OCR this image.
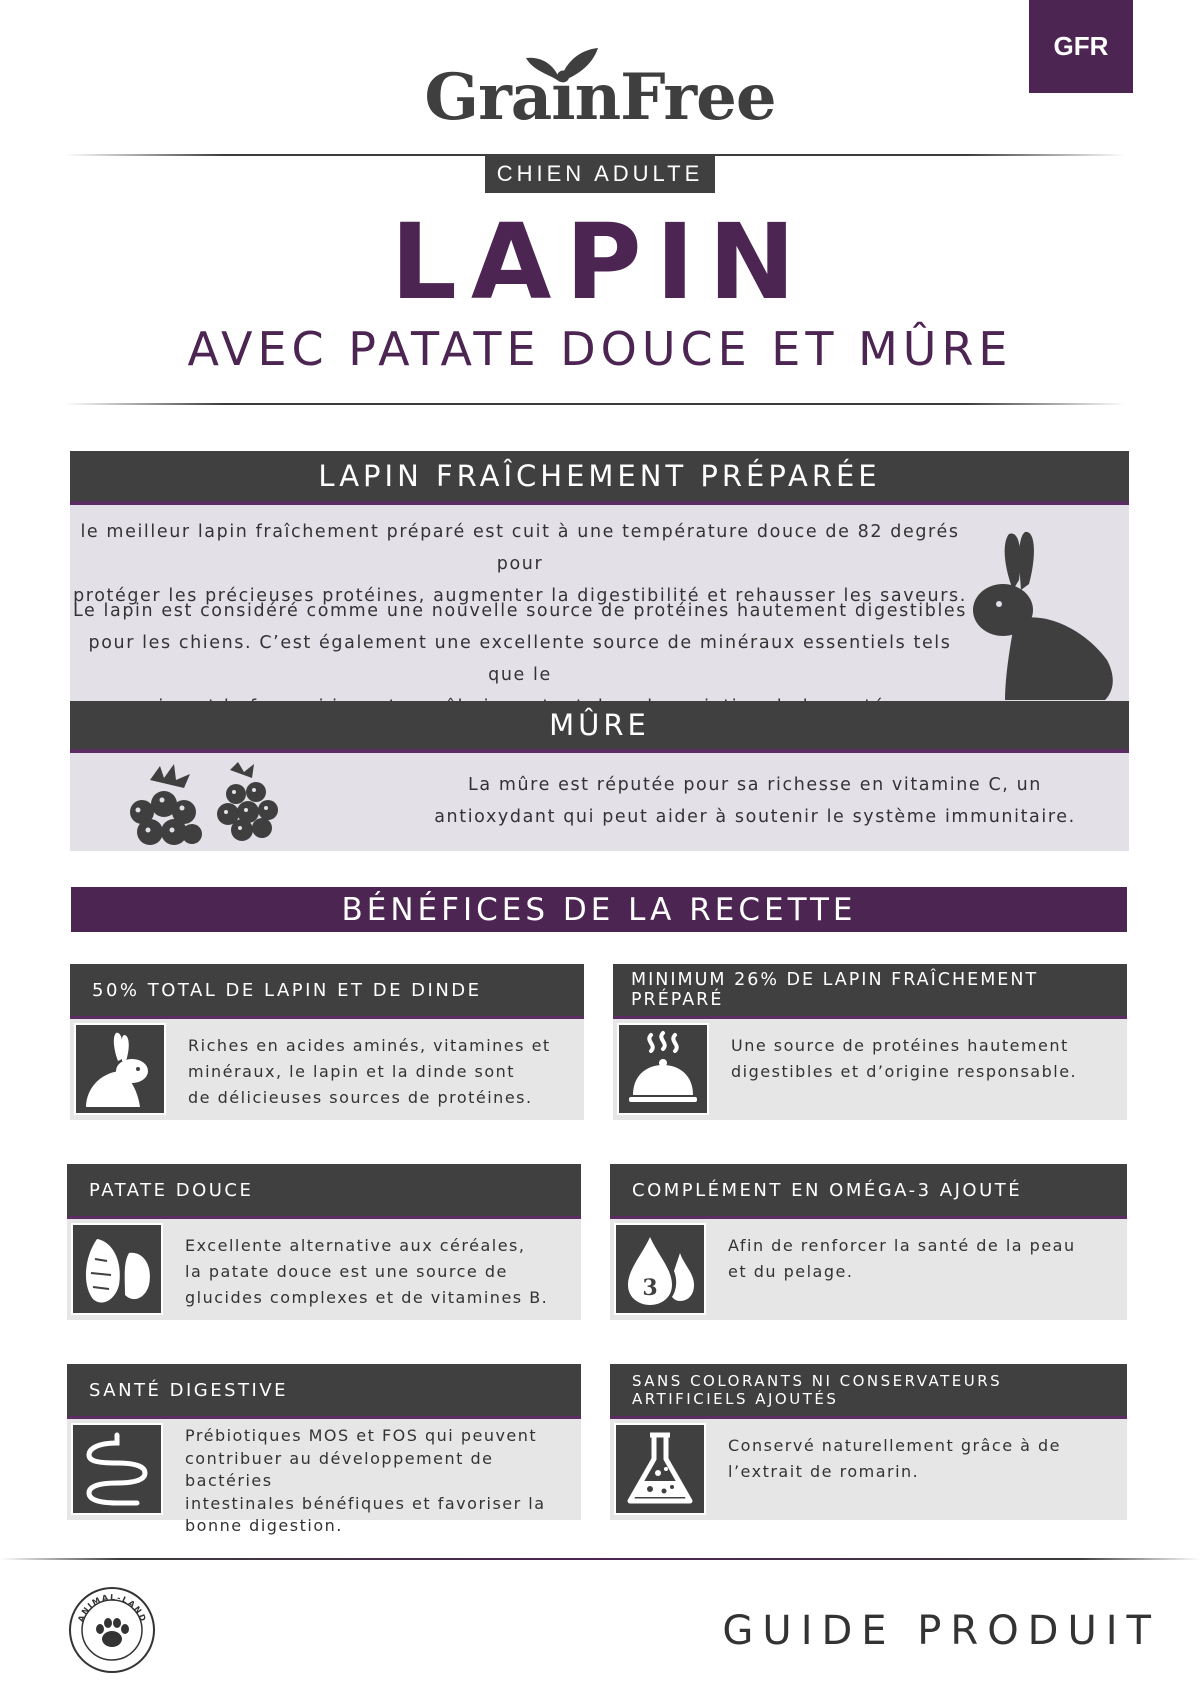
GFR
GrainFree
CHIEN ADULTE
LAPIN
AVEC PATATE DOUCE ET MÛRE
LAPIN FRAÎCHEMENT PRÉPARÉE
le meilleur lapin fraîchement préparé est cuit à une température douce de 82 degrés pour
protéger les précieuses protéines, augmenter la digestibilité et rehausser les saveurs.
Le lapin est considéré comme une nouvelle source de protéines hautement digestibles
pour les chiens. C’est également une excellente source de minéraux essentiels tels que le
MÛRE
La mûre est réputée pour sa richesse en vitamine C, un
antioxydant qui peut aider à soutenir le système immunitaire.
BÉNÉFICES DE LA RECETTE
50% TOTAL DE LAPIN ET DE DINDE
Riches en acides aminés, vitamines et
minéraux, le lapin et la dinde sont
de délicieuses sources de protéines.
MINIMUM 26% DE LAPIN FRAÎCHEMENT PRÉPARÉ
Une source de protéines hautement
digestibles et d’origine responsable.
PATATE DOUCE
Excellente alternative aux céréales,
la patate douce est une source de
glucides complexes et de vitamines B.
COMPLÉMENT EN OMÉGA-3 AJOUTÉ
3
Afin de renforcer la santé de la peau
et du pelage.
SANTÉ DIGESTIVE
Prébiotiques MOS et FOS qui peuvent
contribuer au développement de bactéries
intestinales bénéfiques et favoriser la
bonne digestion.
SANS COLORANTS NI CONSERVATEURS
ARTIFICIELS AJOUTÉS
Conservé naturellement grâce à de
l’extrait de romarin.
ANIMAL-LAND	GUIDE PRODUIT
